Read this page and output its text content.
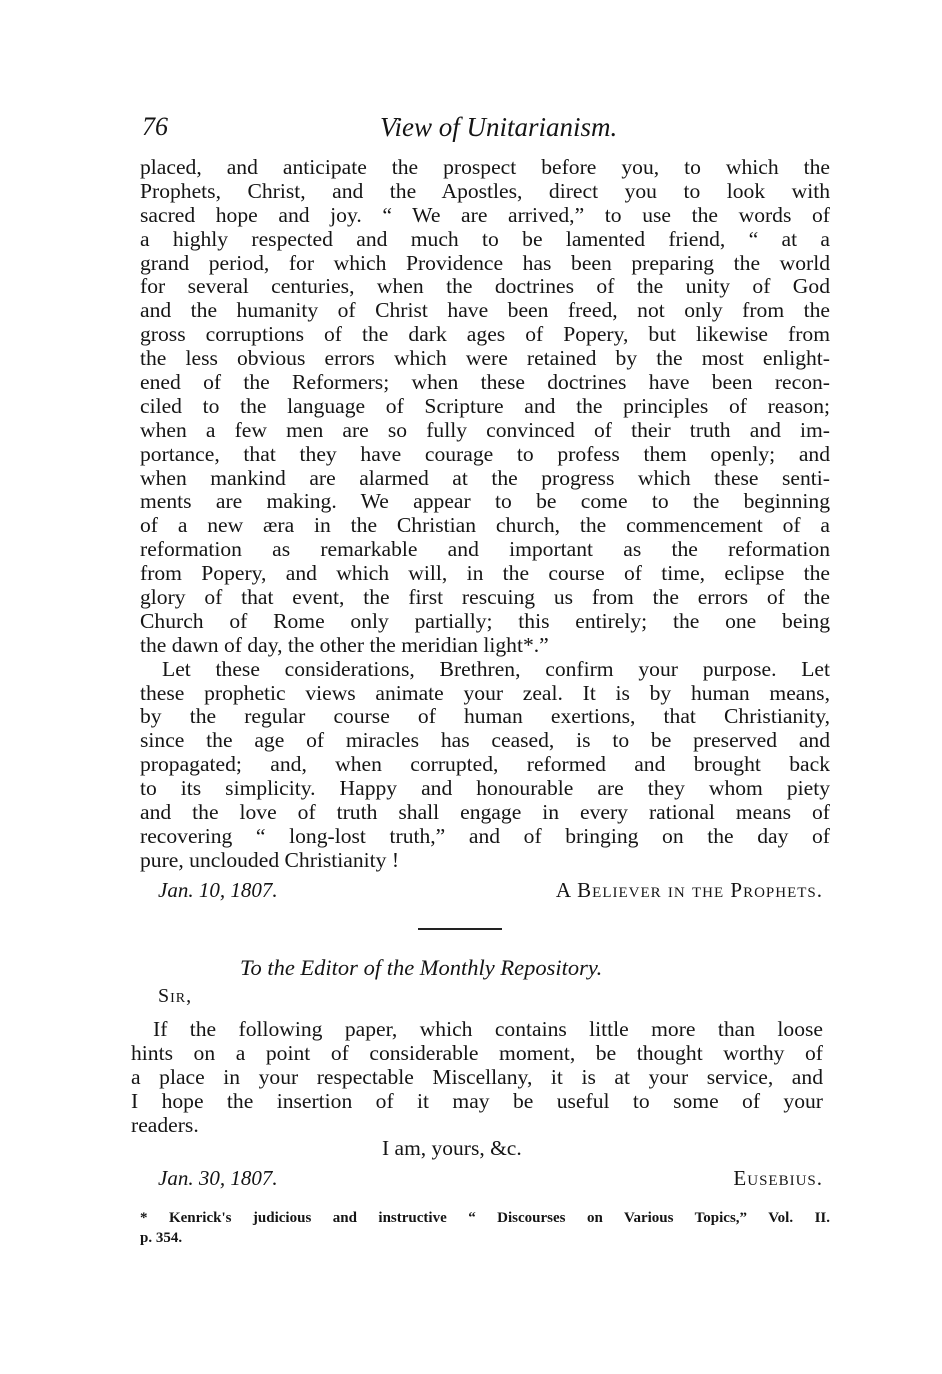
76	View of Unitarianism.
placed, and anticipate the prospect before you, to which the
Prophets, Christ, and the Apostles, direct you to look with
sacred hope and joy. “ We are arrived,” to use the words of
a highly respected and much to be lamented friend, “ at a
grand period, for which Providence has been preparing the world
for several centuries, when the doctrines of the unity of God
and the humanity of Christ have been freed, not only from the
gross corruptions of the dark ages of Popery, but likewise from
the less obvious errors which were retained by the most enlight-
ened of the Reformers; when these doctrines have been recon-
ciled to the language of Scripture and the principles of reason;
when a few men are so fully convinced of their truth and im-
portance, that they have courage to profess them openly; and
when mankind are alarmed at the progress which these senti-
ments are making. We appear to be come to the beginning
of a new æra in the Christian church, the commencement of a
reformation as remarkable and important as the reformation
from Popery, and which will, in the course of time, eclipse the
glory of that event, the first rescuing us from the errors of the
Church of Rome only partially; this entirely; the one being
the dawn of day, the other the meridian light*.”
Let these considerations, Brethren, confirm your purpose. Let
these prophetic views animate your zeal. It is by human means,
by the regular course of human exertions, that Christianity,
since the age of miracles has ceased, is to be preserved and
propagated; and, when corrupted, reformed and brought back
to its simplicity. Happy and honourable are they whom piety
and the love of truth shall engage in every rational means of
recovering “ long-lost truth,” and of bringing on the day of
pure, unclouded Christianity !
Jan. 10, 1807.	A Believer in the Prophets.
To the Editor of the Monthly Repository.
Sir,
If the following paper, which contains little more than loose
hints on a point of considerable moment, be thought worthy of
a place in your respectable Miscellany, it is at your service, and
I hope the insertion of it may be useful to some of your
readers.
I am, yours, &c.
Jan. 30, 1807.	Eusebius.
* Kenrick's judicious and instructive “ Discourses on Various Topics,” Vol. II.
p. 354.
